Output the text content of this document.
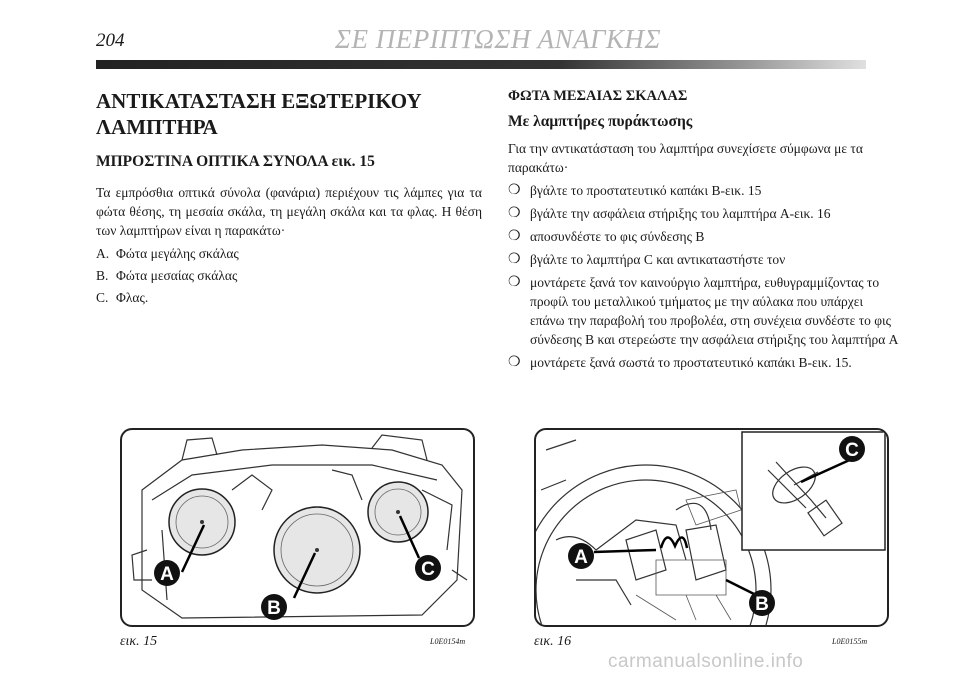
204	ΣΕ ΠΕΡΙΠΤΩΣΗ ΑΝΑΓΚΗΣ
ΑΝΤΙΚΑΤΑΣΤΑΣΗ ΕΞΩΤΕΡΙΚΟΥ
ΛΑΜΠΤΗΡΑ
ΜΠΡΟΣΤΙΝΑ ΟΠΤΙΚΑ ΣΥΝΟΛΑ εικ. 15

Τα εμπρόσθια οπτικά σύνολα (φανάρια) περιέχουν τις λάμπες για τα φώτα θέσης, τη μεσαία σκάλα, τη μεγάλη σκάλα και τα φλας. Η θέση των λαμπτήρων είναι η παρακάτω·

A. Φώτα μεγάλης σκάλας
B. Φώτα μεσαίας σκάλας
C. Φλας.
ΦΩΤΑ ΜΕΣΑΙΑΣ ΣΚΑΛΑΣ
Με λαμπτήρες πυράκτωσης

Για την αντικατάσταση του λαμπτήρα συνεχίσετε σύμφωνα με τα παρακάτω·

❍ βγάλτε το προστατευτικό καπάκι B-εικ. 15
❍ βγάλτε την ασφάλεια στήριξης του λαμπτήρα A-εικ. 16
❍ αποσυνδέστε το φις σύνδεσης B
❍ βγάλτε το λαμπτήρα C και αντικαταστήστε τον
❍ μοντάρετε ξανά τον καινούργιο λαμπτήρα, ευθυγραμμίζοντας το προφίλ του μεταλλικού τμήματος με την αύλακα που υπάρχει επάνω την παραβολή του προβολέα, στη συνέχεια συνδέστε το φις σύνδεσης B και στερεώστε την ασφάλεια στήριξης του λαμπτήρα A
❍ μοντάρετε ξανά σωστά το προστατευτικό καπάκι B-εικ. 15.
A
B
C
εικ. 15	L0E0154m
A
B
C
εικ. 16	L0E0155m
carmanualsonline.info
